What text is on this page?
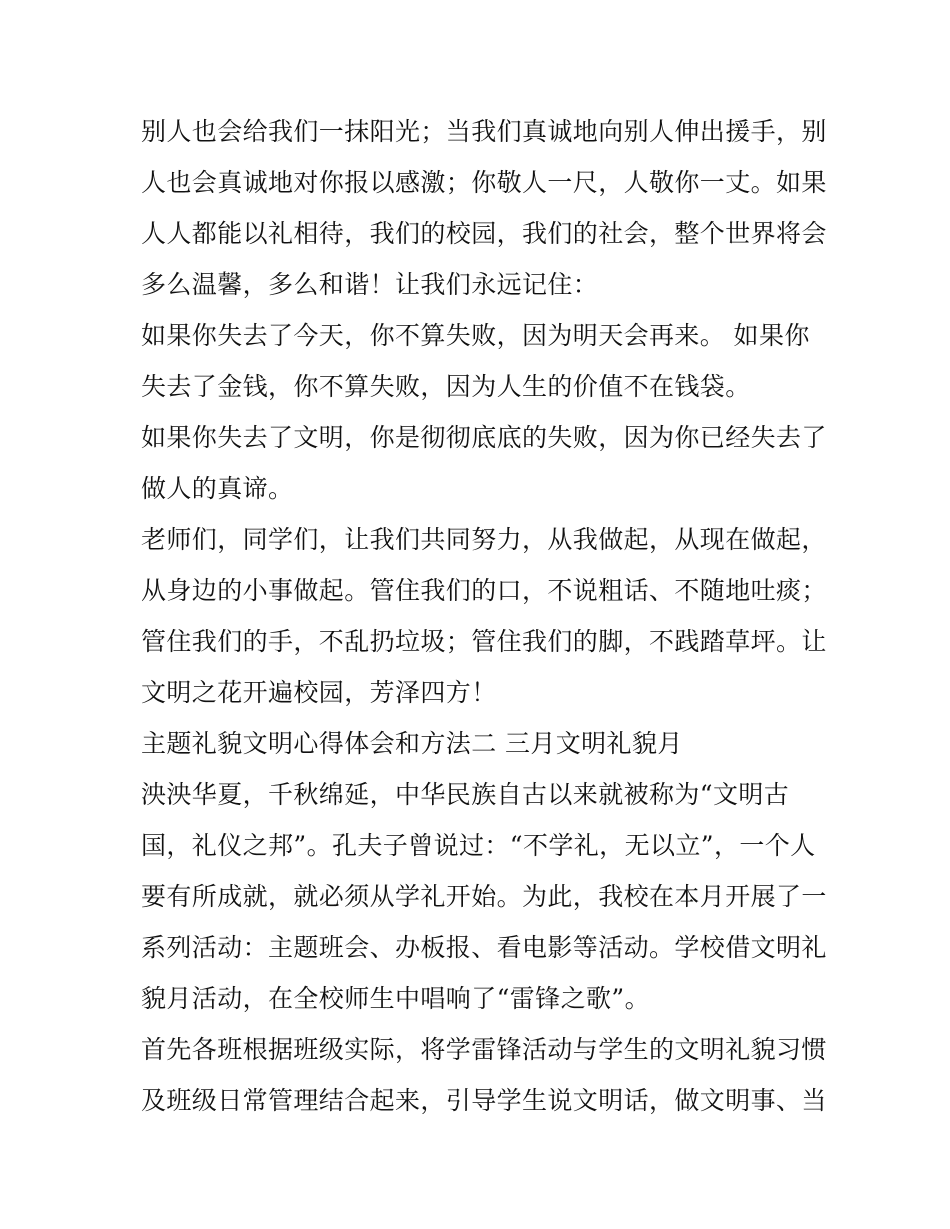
别人也会给我们一抹阳光；当我们真诚地向别人伸出援手，别
人也会真诚地对你报以感激；你敬人一尺，人敬你一丈。如果
人人都能以礼相待，我们的校园，我们的社会，整个世界将会
多么温馨，多么和谐！让我们永远记住：
如果你失去了今天，你不算失败，因为明天会再来。 如果你
失去了金钱，你不算失败，因为人生的价值不在钱袋。
如果你失去了文明，你是彻彻底底的失败，因为你已经失去了
做人的真谛。
老师们，同学们，让我们共同努力，从我做起，从现在做起，
从身边的小事做起。管住我们的口，不说粗话、不随地吐痰；
管住我们的手，不乱扔垃圾；管住我们的脚，不践踏草坪。让
文明之花开遍校园，芳泽四方！
主题礼貌文明心得体会和方法二 三月文明礼貌月
泱泱华夏，千秋绵延，中华民族自古以来就被称为“文明古
国，礼仪之邦”。孔夫子曾说过：“不学礼，无以立”，一个人
要有所成就，就必须从学礼开始。为此，我校在本月开展了一
系列活动：主题班会、办板报、看电影等活动。学校借文明礼
貌月活动，在全校师生中唱响了“雷锋之歌”。
首先各班根据班级实际，将学雷锋活动与学生的文明礼貌习惯
及班级日常管理结合起来，引导学生说文明话，做文明事、当
